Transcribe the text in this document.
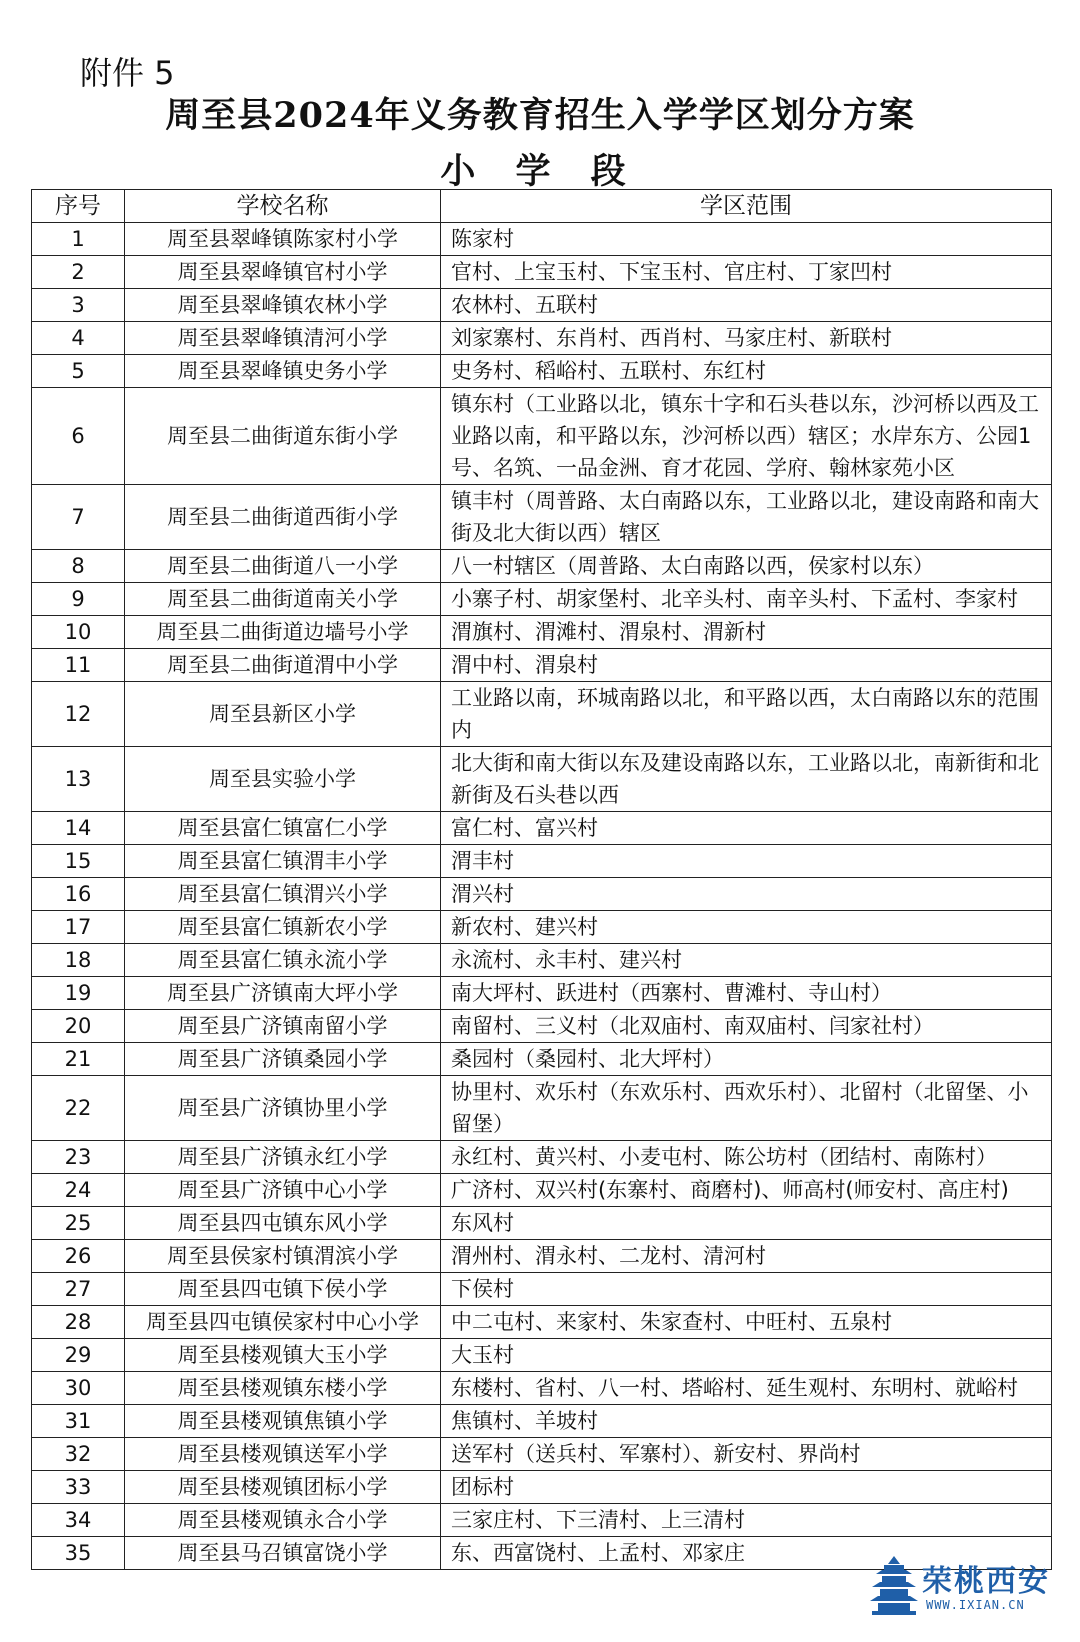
附件 5
周至县2024年义务教育招生入学学区划分方案
小 学 段
序号	学校名称	学区范围
1	周至县翠峰镇陈家村小学	陈家村
2	周至县翠峰镇官村小学	官村、上宝玉村、下宝玉村、官庄村、丁家凹村
3	周至县翠峰镇农林小学	农林村、五联村
4	周至县翠峰镇清河小学	刘家寨村、东肖村、西肖村、马家庄村、新联村
5	周至县翠峰镇史务小学	史务村、稻峪村、五联村、东红村
6	周至县二曲街道东街小学	镇东村（工业路以北，镇东十字和石头巷以东，沙河桥以西及工业路以南，和平路以东，沙河桥以西）辖区；水岸东方、公园1号、名筑、一品金洲、育才花园、学府、翰林家苑小区
7	周至县二曲街道西街小学	镇丰村（周普路、太白南路以东，工业路以北，建设南路和南大街及北大街以西）辖区
8	周至县二曲街道八一小学	八一村辖区（周普路、太白南路以西，侯家村以东）
9	周至县二曲街道南关小学	小寨子村、胡家堡村、北辛头村、南辛头村、下孟村、李家村
10	周至县二曲街道边墙号小学	渭旗村、渭滩村、渭泉村、渭新村
11	周至县二曲街道渭中小学	渭中村、渭泉村
12	周至县新区小学	工业路以南，环城南路以北，和平路以西，太白南路以东的范围内
13	周至县实验小学	北大街和南大街以东及建设南路以东，工业路以北，南新街和北新街及石头巷以西
14	周至县富仁镇富仁小学	富仁村、富兴村
15	周至县富仁镇渭丰小学	渭丰村
16	周至县富仁镇渭兴小学	渭兴村
17	周至县富仁镇新农小学	新农村、建兴村
18	周至县富仁镇永流小学	永流村、永丰村、建兴村
19	周至县广济镇南大坪小学	南大坪村、跃进村（西寨村、曹滩村、寺山村）
20	周至县广济镇南留小学	南留村、三义村（北双庙村、南双庙村、闫家社村）
21	周至县广济镇桑园小学	桑园村（桑园村、北大坪村）
22	周至县广济镇协里小学	协里村、欢乐村（东欢乐村、西欢乐村）、北留村（北留堡、小留堡）
23	周至县广济镇永红小学	永红村、黄兴村、小麦屯村、陈公坊村（团结村、南陈村）
24	周至县广济镇中心小学	广济村、双兴村(东寨村、商磨村)、师高村(师安村、高庄村)
25	周至县四屯镇东风小学	东风村
26	周至县侯家村镇渭滨小学	渭州村、渭永村、二龙村、清河村
27	周至县四屯镇下侯小学	下侯村
28	周至县四屯镇侯家村中心小学	中二屯村、来家村、朱家查村、中旺村、五泉村
29	周至县楼观镇大玉小学	大玉村
30	周至县楼观镇东楼小学	东楼村、省村、八一村、塔峪村、延生观村、东明村、就峪村
31	周至县楼观镇焦镇小学	焦镇村、羊坡村
32	周至县楼观镇送军小学	送军村（送兵村、军寨村）、新安村、界尚村
33	周至县楼观镇团标小学	团标村
34	周至县楼观镇永合小学	三家庄村、下三清村、上三清村
35	周至县马召镇富饶小学	东、西富饶村、上孟村、邓家庄
荣桃西安
WWW.IXIAN.CN
